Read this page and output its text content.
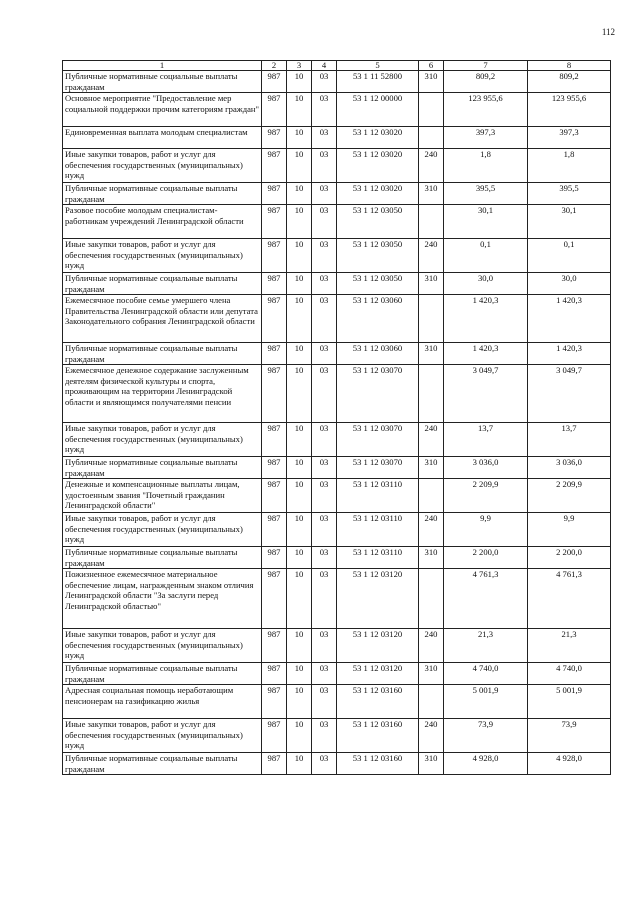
112
1	2	3	4	5	6	7	8
Публичные нормативные социальные выплаты гражданам	987	10	03	53 1 11 52800	310	809,2	809,2
Основное мероприятие "Предоставление мер социальной поддержки прочим категориям граждан"	987	10	03	53 1 12 00000		123 955,6	123 955,6
Единовременная выплата молодым специалистам	987	10	03	53 1 12 03020		397,3	397,3
Иные закупки товаров, работ и услуг для обеспечения государственных (муниципальных) нужд	987	10	03	53 1 12 03020	240	1,8	1,8
Публичные нормативные социальные выплаты гражданам	987	10	03	53 1 12 03020	310	395,5	395,5
Разовое пособие молодым специалистам-работникам учреждений Ленинградской области	987	10	03	53 1 12 03050		30,1	30,1
Иные закупки товаров, работ и услуг для обеспечения государственных (муниципальных) нужд	987	10	03	53 1 12 03050	240	0,1	0,1
Публичные нормативные социальные выплаты гражданам	987	10	03	53 1 12 03050	310	30,0	30,0
Ежемесячное пособие семье умершего члена Правительства Ленинградской области или депутата Законодательного собрания Ленинградской области	987	10	03	53 1 12 03060		1 420,3	1 420,3
Публичные нормативные социальные выплаты гражданам	987	10	03	53 1 12 03060	310	1 420,3	1 420,3
Ежемесячное денежное содержание заслуженным деятелям физической культуры и спорта, проживающим на территории Ленинградской области и являющимся получателями пенсии	987	10	03	53 1 12 03070		3 049,7	3 049,7
Иные закупки товаров, работ и услуг для обеспечения государственных (муниципальных) нужд	987	10	03	53 1 12 03070	240	13,7	13,7
Публичные нормативные социальные выплаты гражданам	987	10	03	53 1 12 03070	310	3 036,0	3 036,0
Денежные и компенсационные выплаты лицам, удостоенным звания "Почетный гражданин Ленинградской области"	987	10	03	53 1 12 03110		2 209,9	2 209,9
Иные закупки товаров, работ и услуг для обеспечения государственных (муниципальных) нужд	987	10	03	53 1 12 03110	240	9,9	9,9
Публичные нормативные социальные выплаты гражданам	987	10	03	53 1 12 03110	310	2 200,0	2 200,0
Пожизненное ежемесячное материальное обеспечение лицам, награжденным знаком отличия Ленинградской области "За заслуги перед Ленинградской областью"	987	10	03	53 1 12 03120		4 761,3	4 761,3
Иные закупки товаров, работ и услуг для обеспечения государственных (муниципальных) нужд	987	10	03	53 1 12 03120	240	21,3	21,3
Публичные нормативные социальные выплаты гражданам	987	10	03	53 1 12 03120	310	4 740,0	4 740,0
Адресная социальная помощь неработающим пенсионерам на газификацию жилья	987	10	03	53 1 12 03160		5 001,9	5 001,9
Иные закупки товаров, работ и услуг для обеспечения государственных (муниципальных) нужд	987	10	03	53 1 12 03160	240	73,9	73,9
Публичные нормативные социальные выплаты гражданам	987	10	03	53 1 12 03160	310	4 928,0	4 928,0
